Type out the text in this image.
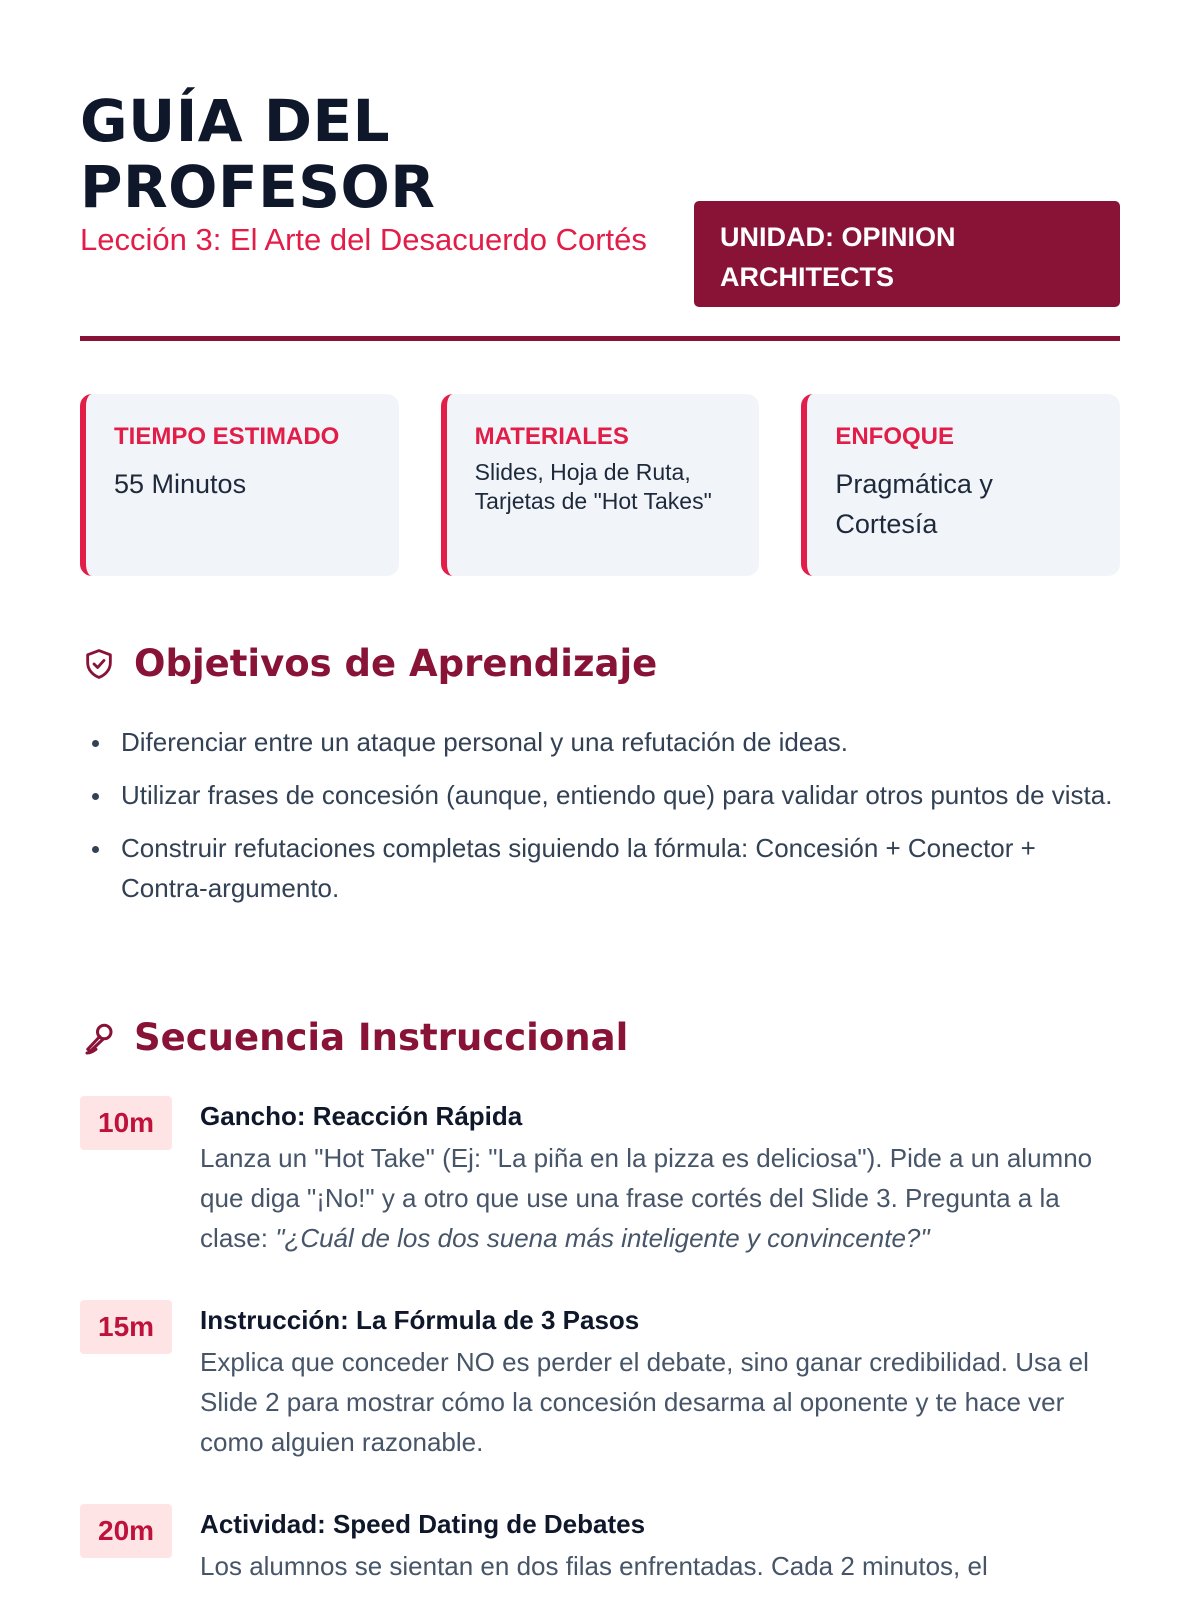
GUÍA DEL
PROFESOR
Lección 3: El Arte del Desacuerdo Cortés	UNIDAD: OPINION ARCHITECTS
TIEMPO ESTIMADO
55 Minutos
MATERIALES
Slides, Hoja de Ruta, Tarjetas de "Hot Takes"
ENFOQUE
Pragmática y Cortesía
Objetivos de Aprendizaje
Diferenciar entre un ataque personal y una refutación de ideas.
Utilizar frases de concesión (aunque, entiendo que) para validar otros puntos de vista.
Construir refutaciones completas siguiendo la fórmula: Concesión + Conector + Contra-argumento.
Secuencia Instruccional
10m	Gancho: Reacción Rápida
Lanza un "Hot Take" (Ej: "La piña en la pizza es deliciosa"). Pide a un alumno que diga "¡No!" y a otro que use una frase cortés del Slide 3. Pregunta a la clase: "¿Cuál de los dos suena más inteligente y convincente?"
15m	Instrucción: La Fórmula de 3 Pasos
Explica que conceder NO es perder el debate, sino ganar credibilidad. Usa el Slide 2 para mostrar cómo la concesión desarma al oponente y te hace ver como alguien razonable.
20m	Actividad: Speed Dating de Debates
Los alumnos se sientan en dos filas enfrentadas. Cada 2 minutos, el
